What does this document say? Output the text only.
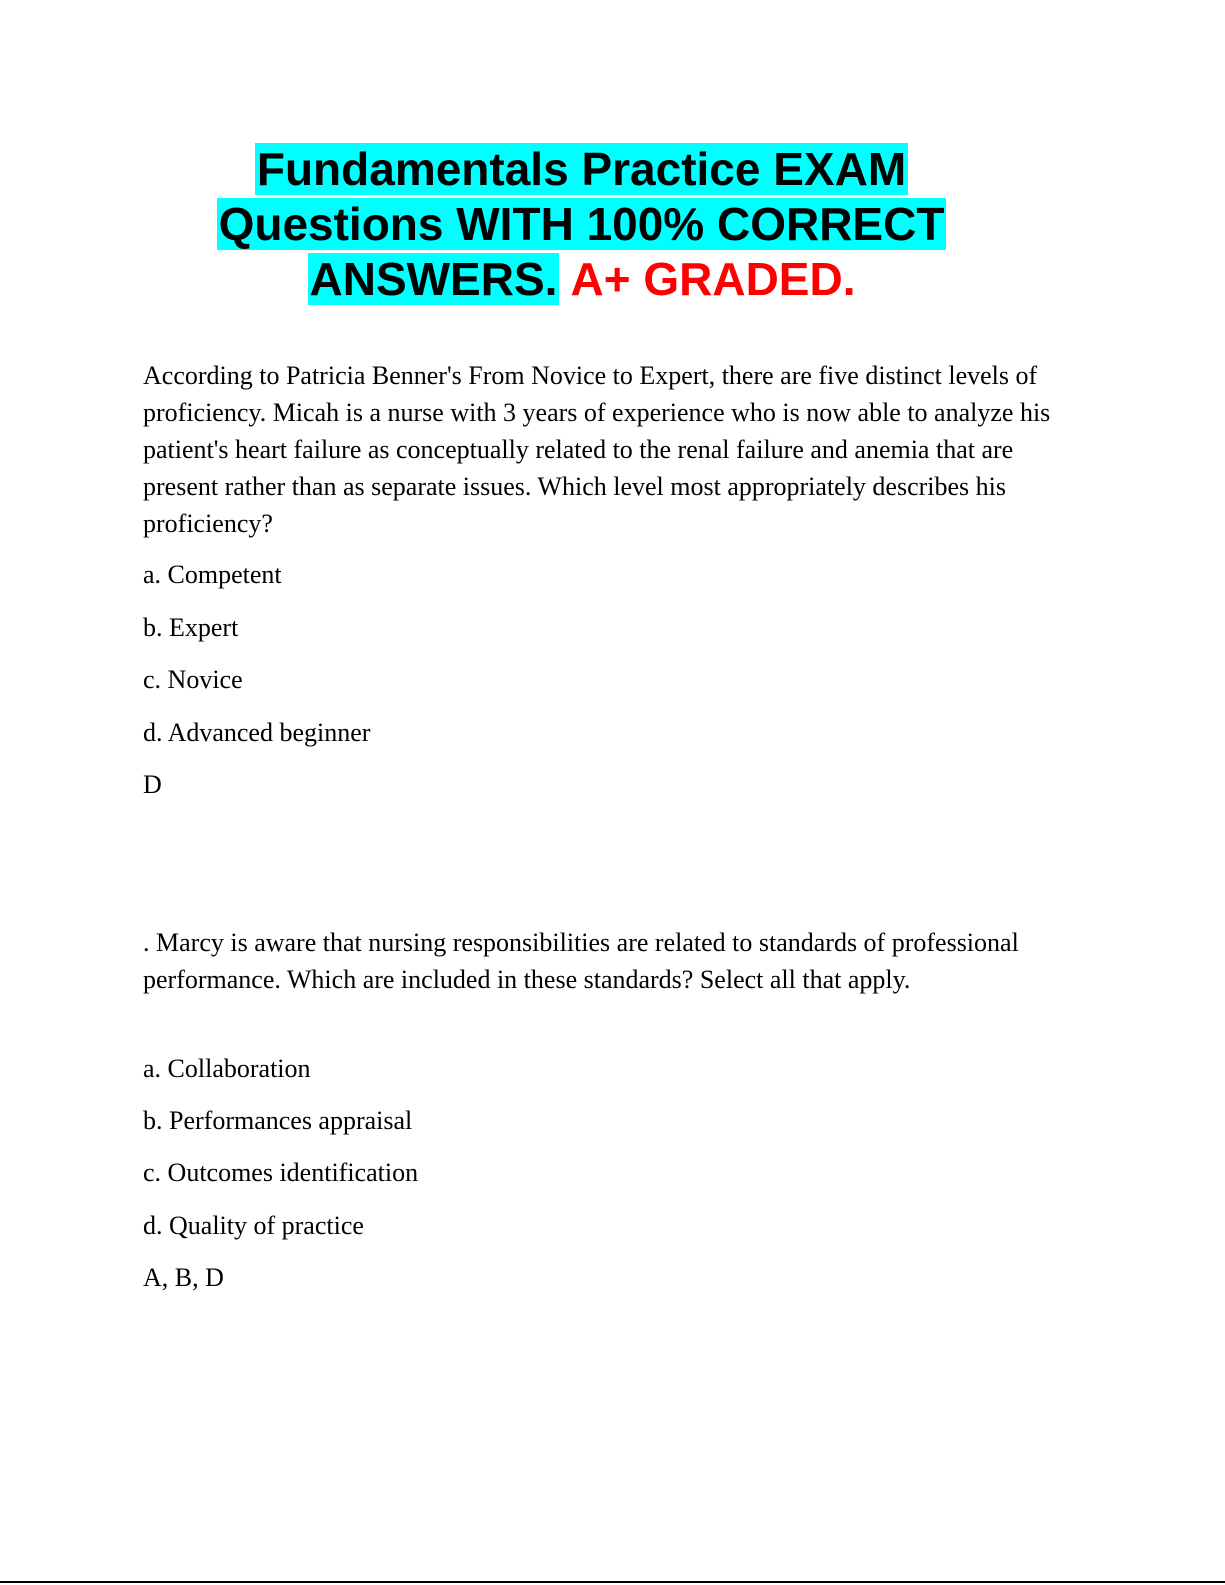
Fundamentals Practice EXAM
Questions WITH 100% CORRECT
ANSWERS. A+ GRADED.

According to Patricia Benner's From Novice to Expert, there are five distinct levels of proficiency. Micah is a nurse with 3 years of experience who is now able to analyze his patient's heart failure as conceptually related to the renal failure and anemia that are present rather than as separate issues. Which level most appropriately describes his proficiency?

a. Competent

b. Expert

c. Novice

d. Advanced beginner

D

. Marcy is aware that nursing responsibilities are related to standards of professional performance. Which are included in these standards? Select all that apply.

a. Collaboration

b. Performances appraisal

c. Outcomes identification

d. Quality of practice

A, B, D
